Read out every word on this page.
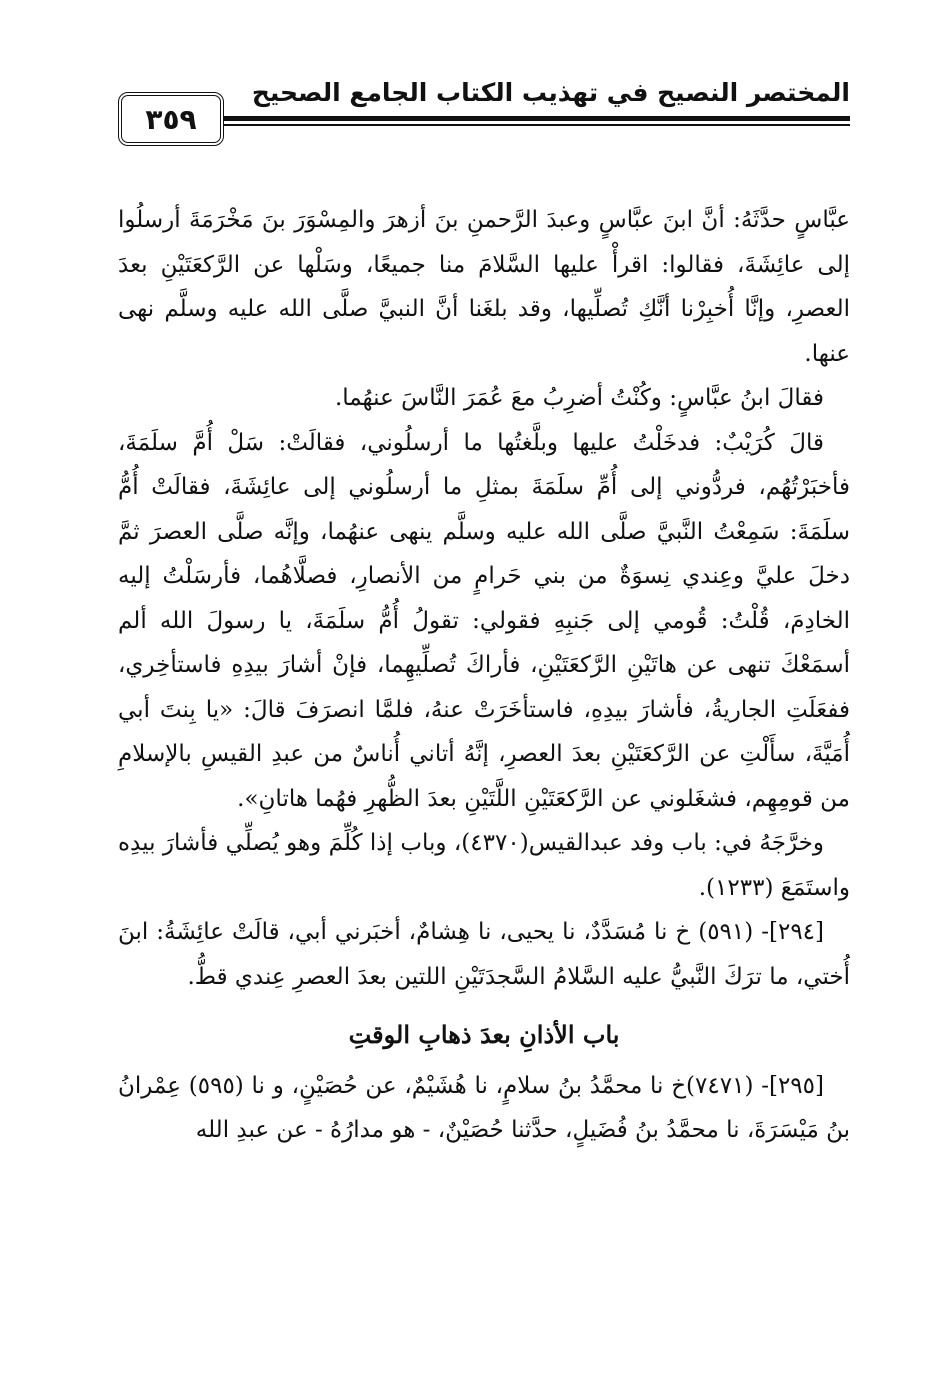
المختصر النصيح في تهذيب الكتاب الجامع الصحيح
٣٥٩

عبَّاسٍ حدَّثَهُ: أنَّ ابنَ عبَّاسٍ وعبدَ الرَّحمنِ بنَ أزهرَ والمِسْوَرَ بنَ مَخْرَمَةَ أرسلُوا إلى عائِشَةَ، فقالوا: اقرأْ عليها السَّلامَ منا جميعًا، وسَلْها عن الرَّكعَتَيْنِ بعدَ العصرِ، وإنَّا أُخبِرْنا أنَّكِ تُصلِّيها، وقد بلغَنا أنَّ النبيَّ صلَّى الله عليه وسلَّم نهى عنها.

فقالَ ابنُ عبَّاسٍ: وكُنْتُ أضرِبُ معَ عُمَرَ النَّاسَ عنهُما.

قالَ كُرَيْبٌ: فدخَلْتُ عليها وبلَّغتُها ما أرسلُوني، فقالَتْ: سَلْ أُمَّ سلَمَةَ، فأخبَرْتُهُم، فردُّوني إلى أُمِّ سلَمَةَ بمثلِ ما أرسلُوني إلى عائِشَةَ، فقالَتْ أُمُّ سلَمَةَ: سَمِعْتُ النَّبيَّ صلَّى الله عليه وسلَّم ينهى عنهُما، وإنَّه صلَّى العصرَ ثمَّ دخلَ عليَّ وعِندي نِسوَةٌ من بني حَرامٍ من الأنصارِ، فصلَّاهُما، فأرسَلْتُ إليه الخادِمَ، قُلْتُ: قُومي إلى جَنبِهِ فقولي: تقولُ أُمُّ سلَمَةَ، يا رسولَ الله ألم أسمَعْكَ تنهى عن هاتَيْنِ الرَّكعَتَيْنِ، فأراكَ تُصلِّيهِما، فإنْ أشارَ بيدِهِ فاستأخِري، ففعَلَتِ الجاريةُ، فأشارَ بيدِهِ، فاستأخَرَتْ عنهُ، فلمَّا انصرَفَ قالَ: «يا بِنتَ أبي أُمَيَّةَ، سأَلْتِ عن الرَّكعَتَيْنِ بعدَ العصرِ، إنَّهُ أتاني أُناسٌ من عبدِ القيسِ بالإسلامِ من قومِهِم، فشغَلوني عن الرَّكعَتَيْنِ اللَّتَيْنِ بعدَ الظُّهرِ فهُما هاتانِ».

وخرَّجَهُ في: باب وفد عبدالقيس(٤٣٧٠)، وباب إذا كُلِّمَ وهو يُصلِّي فأشارَ بيدِه واستَمَعَ (١٢٣٣).

[٢٩٤]- (٥٩١) خ نا مُسَدَّدٌ، نا يحيى، نا هِشامٌ، أخبَرني أبي، قالَتْ عائِشَةُ: ابنَ أُختي، ما ترَكَ النَّبيُّ عليه السَّلامُ السَّجدَتَيْنِ اللتين بعدَ العصرِ عِندي قطُّ.

باب الأذانِ بعدَ ذهابِ الوقتِ

[٢٩٥]- (٧٤٧١)خ نا محمَّدُ بنُ سلامٍ، نا هُشَيْمٌ، عن حُصَيْنٍ، و نا (٥٩٥) عِمْرانُ بنُ مَيْسَرَةَ، نا محمَّدُ بنُ فُضَيلٍ، حدَّثنا حُصَيْنٌ، - هو مدارُهُ - عن عبدِ الله
